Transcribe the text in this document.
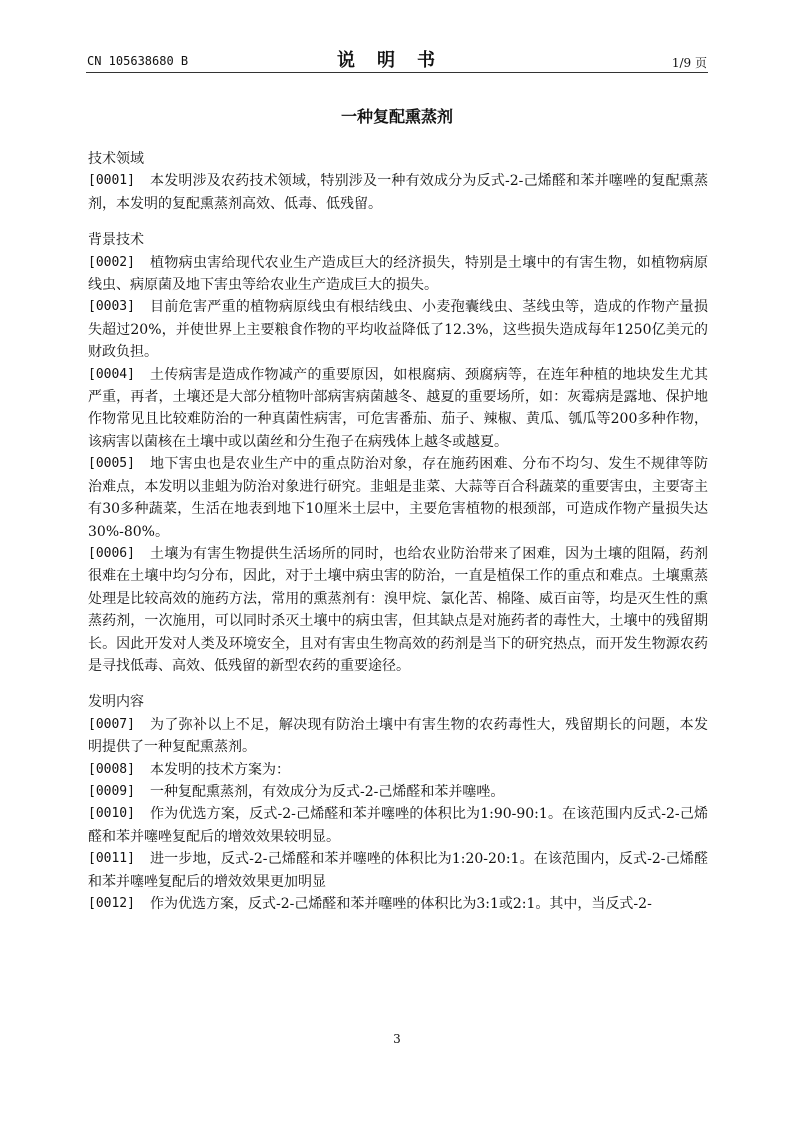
CN 105638680 B	说明书	1/9 页
一种复配熏蒸剂
技术领域

[0001] 本发明涉及农药技术领域，特别涉及一种有效成分为反式-2-己烯醛和苯并噻唑的复配熏蒸剂，本发明的复配熏蒸剂高效、低毒、低残留。

背景技术

[0002] 植物病虫害给现代农业生产造成巨大的经济损失，特别是土壤中的有害生物，如植物病原线虫、病原菌及地下害虫等给农业生产造成巨大的损失。

[0003] 目前危害严重的植物病原线虫有根结线虫、小麦孢囊线虫、茎线虫等，造成的作物产量损失超过20%，并使世界上主要粮食作物的平均收益降低了12.3%，这些损失造成每年1250亿美元的财政负担。

[0004] 土传病害是造成作物减产的重要原因，如根腐病、颈腐病等，在连年种植的地块发生尤其严重，再者，土壤还是大部分植物叶部病害病菌越冬、越夏的重要场所，如：灰霉病是露地、保护地作物常见且比较难防治的一种真菌性病害，可危害番茄、茄子、辣椒、黄瓜、瓠瓜等200多种作物，该病害以菌核在土壤中或以菌丝和分生孢子在病残体上越冬或越夏。

[0005] 地下害虫也是农业生产中的重点防治对象，存在施药困难、分布不均匀、发生不规律等防治难点，本发明以韭蛆为防治对象进行研究。韭蛆是韭菜、大蒜等百合科蔬菜的重要害虫，主要寄主有30多种蔬菜，生活在地表到地下10厘米土层中，主要危害植物的根颈部，可造成作物产量损失达30%-80%。

[0006] 土壤为有害生物提供生活场所的同时，也给农业防治带来了困难，因为土壤的阻隔，药剂很难在土壤中均匀分布，因此，对于土壤中病虫害的防治，一直是植保工作的重点和难点。土壤熏蒸处理是比较高效的施药方法，常用的熏蒸剂有：溴甲烷、氯化苦、棉隆、威百亩等，均是灭生性的熏蒸药剂，一次施用，可以同时杀灭土壤中的病虫害，但其缺点是对施药者的毒性大，土壤中的残留期长。因此开发对人类及环境安全，且对有害虫生物高效的药剂是当下的研究热点，而开发生物源农药是寻找低毒、高效、低残留的新型农药的重要途径。

发明内容

[0007] 为了弥补以上不足，解决现有防治土壤中有害生物的农药毒性大，残留期长的问题，本发明提供了一种复配熏蒸剂。

[0008] 本发明的技术方案为：

[0009] 一种复配熏蒸剂，有效成分为反式-2-己烯醛和苯并噻唑。

[0010] 作为优选方案，反式-2-己烯醛和苯并噻唑的体积比为1:90-90:1。在该范围内反式-2-己烯醛和苯并噻唑复配后的增效效果较明显。

[0011] 进一步地，反式-2-己烯醛和苯并噻唑的体积比为1:20-20:1。在该范围内，反式-2-己烯醛和苯并噻唑复配后的增效效果更加明显

[0012] 作为优选方案，反式-2-己烯醛和苯并噻唑的体积比为3:1或2:1。其中，当反式-2-

3
